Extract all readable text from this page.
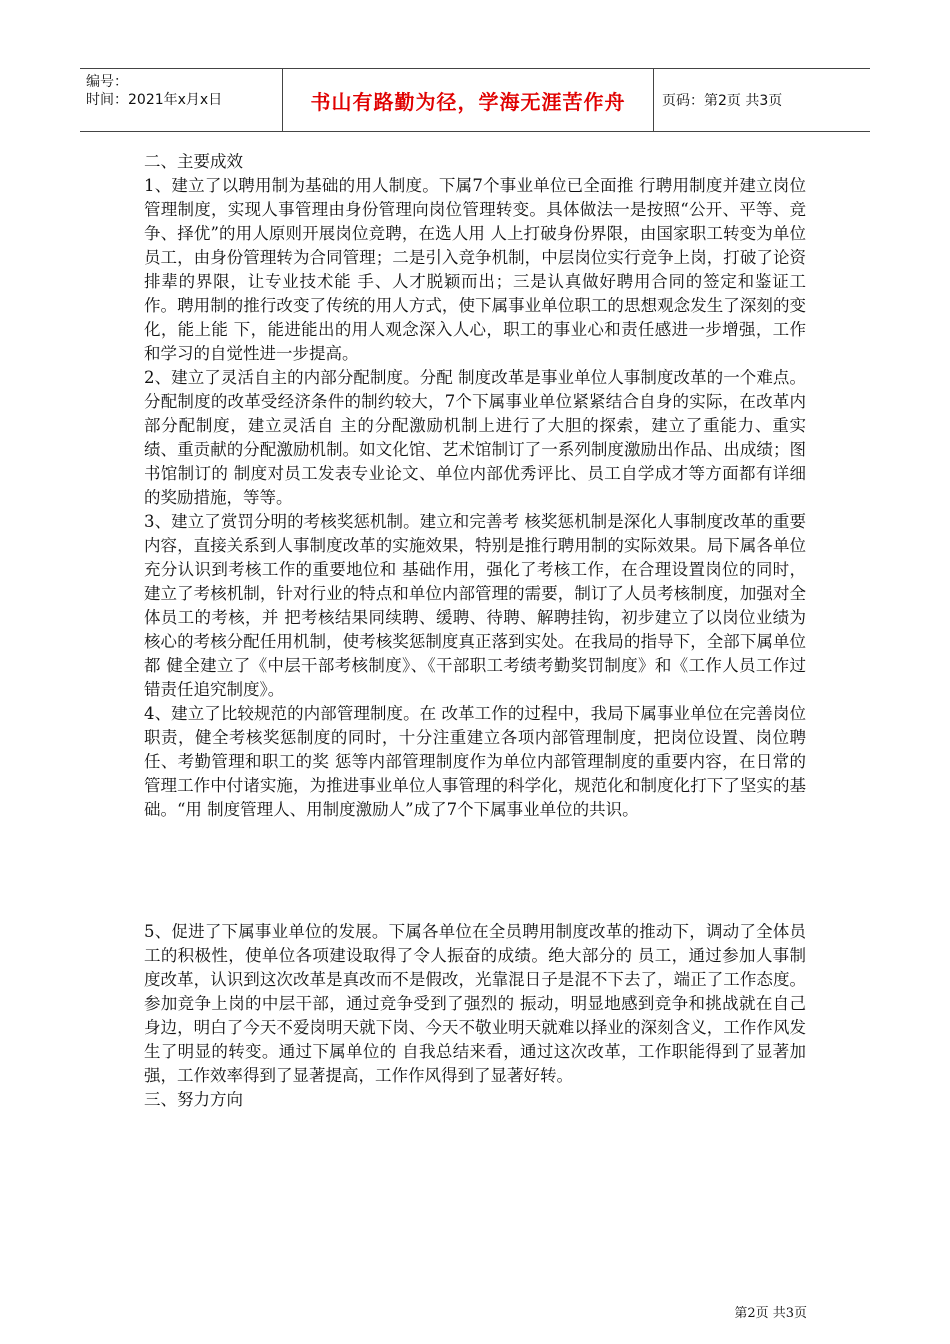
编号：
时间：2021年x月x日	书山有路勤为径，学海无涯苦作舟	页码：第2页 共3页

二、主要成效

1、建立了以聘用制为基础的用人制度。下属7个事业单位已全面推 行聘用制度并建立岗位管理制度，实现人事管理由身份管理向岗位管理转变。具体做法一是按照“公开、平等、竞争、择优”的用人原则开展岗位竞聘，在选人用 人上打破身份界限，由国家职工转变为单位员工，由身份管理转为合同管理；二是引入竞争机制，中层岗位实行竞争上岗，打破了论资排辈的界限，让专业技术能 手、人才脱颖而出；三是认真做好聘用合同的签定和鉴证工作。聘用制的推行改变了传统的用人方式，使下属事业单位职工的思想观念发生了深刻的变化，能上能 下，能进能出的用人观念深入人心，职工的事业心和责任感进一步增强，工作和学习的自觉性进一步提高。

2、建立了灵活自主的内部分配制度。分配 制度改革是事业单位人事制度改革的一个难点。分配制度的改革受经济条件的制约较大，7个下属事业单位紧紧结合自身的实际，在改革内部分配制度，建立灵活自 主的分配激励机制上进行了大胆的探索，建立了重能力、重实绩、重贡献的分配激励机制。如文化馆、艺术馆制订了一系列制度激励出作品、出成绩；图书馆制订的 制度对员工发表专业论文、单位内部优秀评比、员工自学成才等方面都有详细的奖励措施，等等。

3、建立了赏罚分明的考核奖惩机制。建立和完善考 核奖惩机制是深化人事制度改革的重要内容，直接关系到人事制度改革的实施效果，特别是推行聘用制的实际效果。局下属各单位充分认识到考核工作的重要地位和 基础作用，强化了考核工作，在合理设置岗位的同时，建立了考核机制，针对行业的特点和单位内部管理的需要，制订了人员考核制度，加强对全体员工的考核，并 把考核结果同续聘、缓聘、待聘、解聘挂钩，初步建立了以岗位业绩为核心的考核分配任用机制，使考核奖惩制度真正落到实处。在我局的指导下，全部下属单位都 健全建立了《中层干部考核制度》、《干部职工考绩考勤奖罚制度》和《工作人员工作过错责任追究制度》。

4、建立了比较规范的内部管理制度。在 改革工作的过程中，我局下属事业单位在完善岗位职责，健全考核奖惩制度的同时，十分注重建立各项内部管理制度，把岗位设置、岗位聘任、考勤管理和职工的奖 惩等内部管理制度作为单位内部管理制度的重要内容，在日常的管理工作中付诸实施，为推进事业单位人事管理的科学化，规范化和制度化打下了坚实的基础。“用 制度管理人、用制度激励人”成了7个下属事业单位的共识。

5、促进了下属事业单位的发展。下属各单位在全员聘用制度改革的推动下，调动了全体员工的积极性，使单位各项建设取得了令人振奋的成绩。绝大部分的 员工，通过参加人事制度改革，认识到这次改革是真改而不是假改，光靠混日子是混不下去了，端正了工作态度。参加竞争上岗的中层干部，通过竞争受到了强烈的 振动，明显地感到竞争和挑战就在自己身边，明白了今天不爱岗明天就下岗、今天不敬业明天就难以择业的深刻含义，工作作风发生了明显的转变。通过下属单位的 自我总结来看，通过这次改革，工作职能得到了显著加强，工作效率得到了显著提高，工作作风得到了显著好转。

三、努力方向

第2页 共3页
